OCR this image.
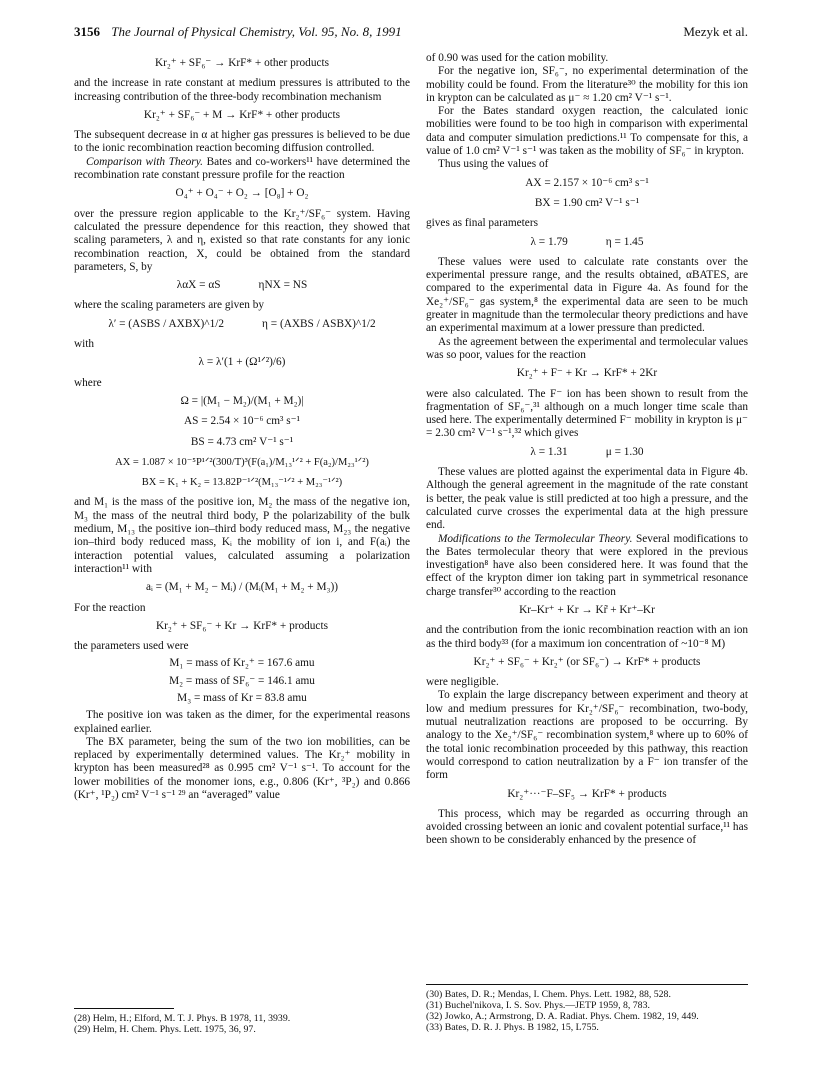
3156 The Journal of Physical Chemistry, Vol. 95, No. 8, 1991	Mezyk et al.

Kr₂⁺ + SF₆⁻ → KrF* + other products

and the increase in rate constant at medium pressures is attributed to the increasing contribution of the three-body recombination mechanism

Kr₂⁺ + SF₆⁻ + M → KrF* + other products

The subsequent decrease in α at higher gas pressures is believed to be due to the ionic recombination reaction becoming diffusion controlled.

Comparison with Theory. Bates and co-workers¹¹ have determined the recombination rate constant pressure profile for the reaction

O₄⁺ + O₄⁻ + O₂ → [O₈] + O₂

over the pressure region applicable to the Kr₂⁺/SF₆⁻ system. Having calculated the pressure dependence for this reaction, they showed that scaling parameters, λ and η, existed so that rate constants for any ionic recombination reaction, X, could be obtained from the standard parameters, S, by

λαX = αS	ηNX = NS

where the scaling parameters are given by

λ′ = (ASBS / AXBX)^1/2	η = (AXBS / ASBX)^1/2

with

λ = λ′(1 + (Ω¹ᐟ²)/6)

where

Ω = |(M₁ − M₂)/(M₁ + M₂)|

AS = 2.54 × 10⁻⁶ cm³ s⁻¹

BS = 4.73 cm² V⁻¹ s⁻¹

AX = 1.087 × 10⁻⁵P¹ᐟ²(300/T)³(F(a₁)/M₁₃¹ᐟ² + F(a₂)/M₂₃¹ᐟ²)

BX = K₁ + K₂ = 13.82P⁻¹ᐟ²(M₁₃⁻¹ᐟ² + M₂₃⁻¹ᐟ²)

and M₁ is the mass of the positive ion, M₂ the mass of the negative ion, M₃ the mass of the neutral third body, P the polarizability of the bulk medium, M₁₃ the positive ion–third body reduced mass, M₂₃ the negative ion–third body reduced mass, Kᵢ the mobility of ion i, and F(aᵢ) the interaction potential values, calculated assuming a polarization interaction¹¹ with

aᵢ = (M₁ + M₂ − Mᵢ) / (Mᵢ(M₁ + M₂ + M₃))

For the reaction

Kr₂⁺ + SF₆⁻ + Kr → KrF* + products

the parameters used were

M₁ = mass of Kr₂⁺ = 167.6 amu

M₂ = mass of SF₆⁻ = 146.1 amu

M₃ = mass of Kr = 83.8 amu

The positive ion was taken as the dimer, for the experimental reasons explained earlier.

The BX parameter, being the sum of the two ion mobilities, can be replaced by experimentally determined values. The Kr₂⁺ mobility in krypton has been measured²⁸ as 0.995 cm² V⁻¹ s⁻¹. To account for the lower mobilities of the monomer ions, e.g., 0.806 (Kr⁺, ³P₂) and 0.866 (Kr⁺, ¹P₂) cm² V⁻¹ s⁻¹ ²⁹ an “averaged” value

(28) Helm, H.; Elford, M. T. J. Phys. B 1978, 11, 3939.

(29) Helm, H. Chem. Phys. Lett. 1975, 36, 97.

of 0.90 was used for the cation mobility.

For the negative ion, SF₆⁻, no experimental determination of the mobility could be found. From the literature³⁰ the mobility for this ion in krypton can be calculated as μ⁻ ≈ 1.20 cm² V⁻¹ s⁻¹.

For the Bates standard oxygen reaction, the calculated ionic mobilities were found to be too high in comparison with experimental data and computer simulation predictions.¹¹ To compensate for this, a value of 1.0 cm² V⁻¹ s⁻¹ was taken as the mobility of SF₆⁻ in krypton.

Thus using the values of

AX = 2.157 × 10⁻⁶ cm³ s⁻¹

BX = 1.90 cm² V⁻¹ s⁻¹

gives as final parameters

λ = 1.79	η = 1.45

These values were used to calculate rate constants over the experimental pressure range, and the results obtained, αBATES, are compared to the experimental data in Figure 4a. As found for the Xe₂⁺/SF₆⁻ gas system,⁸ the experimental data are seen to be much greater in magnitude than the termolecular theory predictions and have an experimental maximum at a lower pressure than predicted.

As the agreement between the experimental and termolecular values was so poor, values for the reaction

Kr₂⁺ + F⁻ + Kr → KrF* + 2Kr

were also calculated. The F⁻ ion has been shown to result from the fragmentation of SF₆⁻,³¹ although on a much longer time scale than used here. The experimentally determined F⁻ mobility in krypton is μ⁻ = 2.30 cm² V⁻¹ s⁻¹,³² which gives

λ = 1.31	μ = 1.30

These values are plotted against the experimental data in Figure 4b. Although the general agreement in the magnitude of the rate constant is better, the peak value is still predicted at too high a pressure, and the calculated curve crosses the experimental data at the high pressure end.

Modifications to the Termolecular Theory. Several modifications to the Bates termolecular theory that were explored in the previous investigation⁸ have also been considered here. It was found that the effect of the krypton dimer ion taking part in symmetrical resonance charge transfer³⁰ according to the reaction

Kr–Kr⁺ + Kr → Kr̃ + Kr⁺–Kr

and the contribution from the ionic recombination reaction with an ion as the third body³³ (for a maximum ion concentration of ~10⁻⁸ M)

Kr₂⁺ + SF₆⁻ + Kr₂⁺ (or SF₆⁻) → KrF* + products

were negligible.

To explain the large discrepancy between experiment and theory at low and medium pressures for Kr₂⁺/SF₆⁻ recombination, two-body, mutual neutralization reactions are proposed to be occurring. By analogy to the Xe₂⁺/SF₆⁻ recombination system,⁸ where up to 60% of the total ionic recombination proceeded by this pathway, this reaction would correspond to cation neutralization by a F⁻ ion transfer of the form

Kr₂⁺···⁻F–SF₅ → KrF* + products

This process, which may be regarded as occurring through an avoided crossing between an ionic and covalent potential surface,¹¹ has been shown to be considerably enhanced by the presence of

(30) Bates, D. R.; Mendas, I. Chem. Phys. Lett. 1982, 88, 528.

(31) Buchel'nikova, I. S. Sov. Phys.—JETP 1959, 8, 783.

(32) Jowko, A.; Armstrong, D. A. Radiat. Phys. Chem. 1982, 19, 449.

(33) Bates, D. R. J. Phys. B 1982, 15, L755.
